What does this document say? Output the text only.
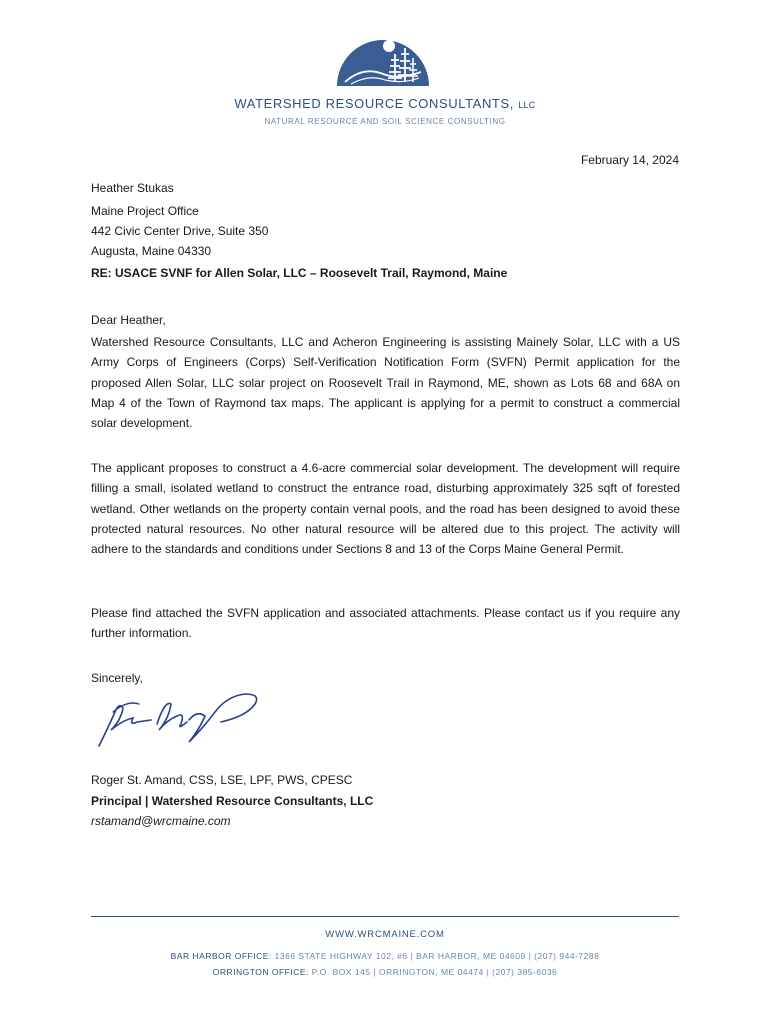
WATERSHED RESOURCE CONSULTANTS, LLC
NATURAL RESOURCE AND SOIL SCIENCE CONSULTING
February 14, 2024
Heather Stukas
Maine Project Office
442 Civic Center Drive, Suite 350
Augusta, Maine 04330
RE: USACE SVNF for Allen Solar, LLC – Roosevelt Trail, Raymond, Maine
Dear Heather,

Watershed Resource Consultants, LLC and Acheron Engineering is assisting Mainely Solar, LLC with a US Army Corps of Engineers (Corps) Self-Verification Notification Form (SVFN) Permit application for the proposed Allen Solar, LLC solar project on Roosevelt Trail in Raymond, ME, shown as Lots 68 and 68A on Map 4 of the Town of Raymond tax maps. The applicant is applying for a permit to construct a commercial solar development.

The applicant proposes to construct a 4.6-acre commercial solar development. The development will require filling a small, isolated wetland to construct the entrance road, disturbing approximately 325 sqft of forested wetland. Other wetlands on the property contain vernal pools, and the road has been designed to avoid these protected natural resources. No other natural resource will be altered due to this project. The activity will adhere to the standards and conditions under Sections 8 and 13 of the Corps Maine General Permit.

Please find attached the SVFN application and associated attachments. Please contact us if you require any further information.

Sincerely,
Roger St. Amand, CSS, LSE, LPF, PWS, CPESC
Principal | Watershed Resource Consultants, LLC
rstamand@wrcmaine.com
WWW.WRCMAINE.COM
BAR HARBOR OFFICE: 1366 STATE HIGHWAY 102, #6 | BAR HARBOR, ME 04609 | (207) 944-7288
ORRINGTON OFFICE: P.O. BOX 145 | ORRINGTON, ME 04474 | (207) 385-6036
